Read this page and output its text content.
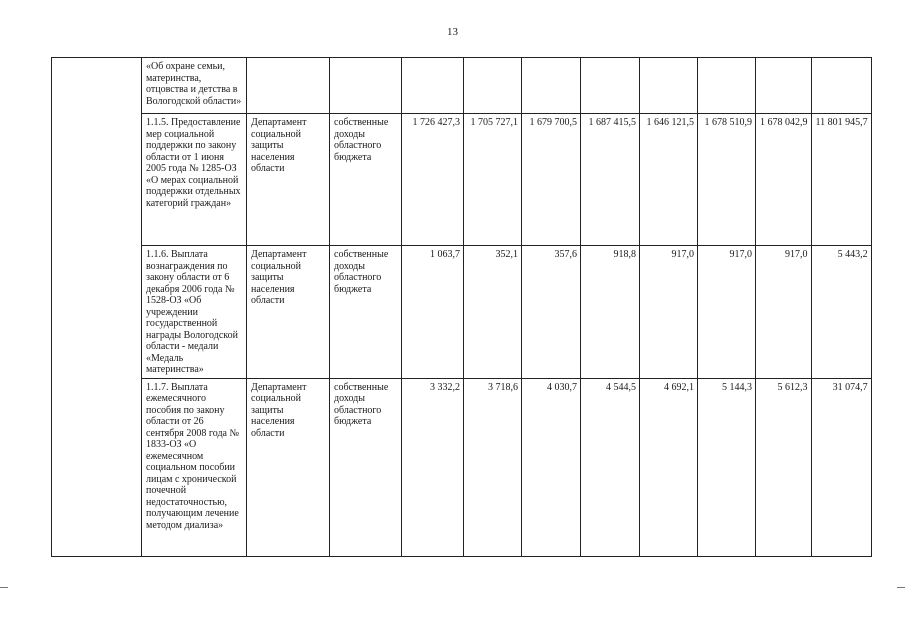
13
	«Об охране семьи, материнства, отцовства и детства в Вологодской области»										
	1.1.5. Предоставление мер социальной поддержки по закону области от 1 июня 2005 года № 1285-ОЗ «О мерах социальной поддержки отдельных категорий граждан»	Департамент социальной защиты населения области	собственные доходы областного бюджета	1 726 427,3	1 705 727,1	1 679 700,5	1 687 415,5	1 646 121,5	1 678 510,9	1 678 042,9	11 801 945,7
	1.1.6. Выплата вознаграждения по закону области от 6 декабря 2006 года № 1528-ОЗ «Об учреждении государственной награды Вологодской области - медали «Медаль материнства»	Департамент социальной защиты населения области	собственные доходы областного бюджета	1 063,7	352,1	357,6	918,8	917,0	917,0	917,0	5 443,2
	1.1.7. Выплата ежемесячного пособия по закону области от 26 сентября 2008 года № 1833-ОЗ «О ежемесячном социальном пособии лицам с хронической почечной недостаточностью, получающим лечение методом диализа»	Департамент социальной защиты населения области	собственные доходы областного бюджета	3 332,2	3 718,6	4 030,7	4 544,5	4 692,1	5 144,3	5 612,3	31 074,7
